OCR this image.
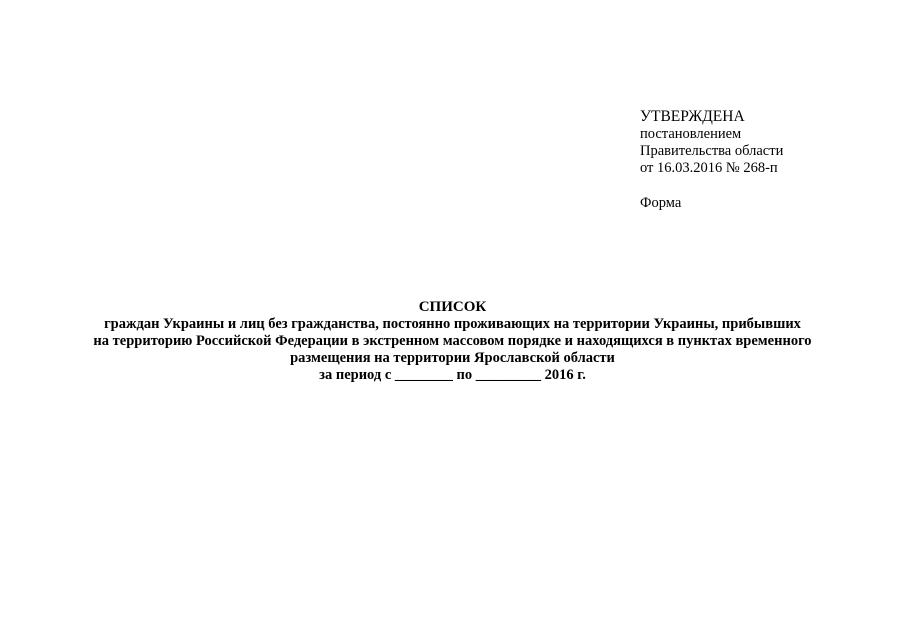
УТВЕРЖДЕНА
постановлением
Правительства области
от 16.03.2016 № 268-п
Форма
СПИСОК
граждан Украины и лиц без гражданства, постоянно проживающих на территории Украины, прибывших
на территорию Российской Федерации в экстренном массовом порядке и находящихся в пунктах временного
размещения на территории Ярославской области
за период с ________ по _________ 2016 г.
